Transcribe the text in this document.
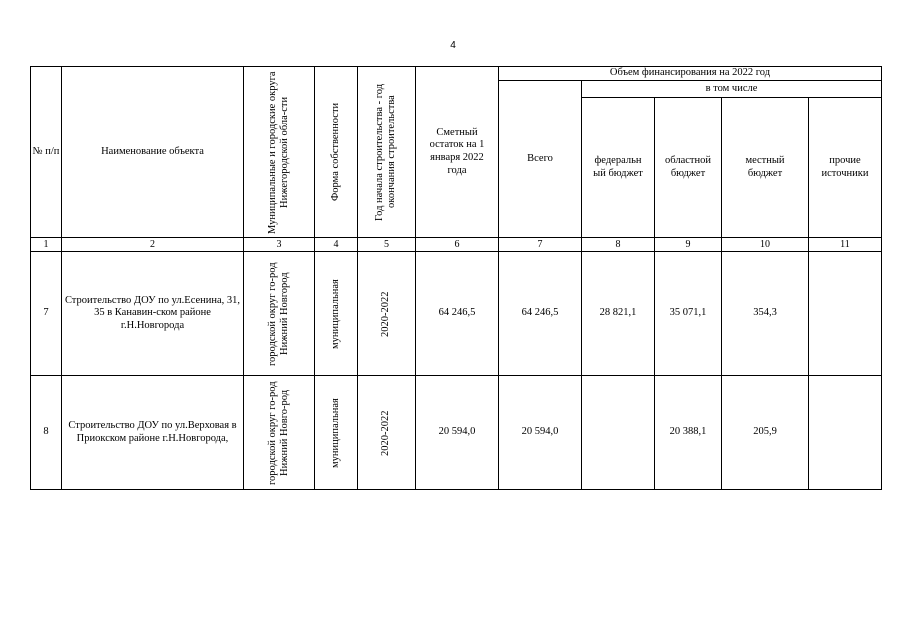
4
№ п/п	Наименование объекта	Муниципальные и городские округа Нижегородской обла-сти	Форма собственности	Год начала строительства - год окончания строительства	Сметный остаток на 1 января 2022 года	Объем финансирования на 2022 год				
						Всего	в том числе			
							федеральн ый бюджет	областной бюджет	местный бюджет	прочие источники
1	2	3	4	5	6	7	8	9	10	11
7	Строительство ДОУ по ул.Есенина, 31, 35 в Канавин-ском районе г.Н.Новгорода	городской округ го-род Нижний Новгород	муниципальная	2020-2022	64 246,5	64 246,5	28 821,1	35 071,1	354,3	
8	Строительство ДОУ по ул.Верховая в Приокском районе г.Н.Новгорода,	городской округ го-род Нижний Новго-род	муниципальная	2020-2022	20 594,0	20 594,0		20 388,1	205,9	
